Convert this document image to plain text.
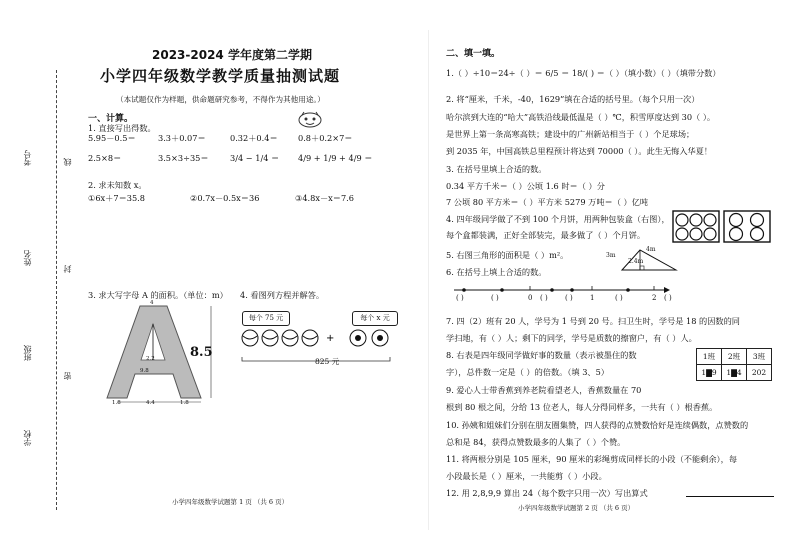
考号
姓名
班级
学校
线
封
密
2023-2024 学年度第二学期
小学四年级数学教学质量抽测试题
（本试题仅作为样题，供命题研究参考，不得作为其他用途。）
一、计算。
1. 直接写出得数。
5.95－0.5＝	3.3＋0.07＝	0.32＋0.4＝ 0.8＋0.2×7＝
2.5×8＝	3.5×3÷35＝	3/4 − 1/4 ＝ 4/9 + 1/9 + 4/9 ＝
2. 求未知数 x。
①6x＋7＝35.8	②0.7x－0.5x＝36	③4.8x－x＝7.6
3. 求大写字母 A 的面积。（单位：m） 4. 看图列方程并解答。
4
2.2
9.8
8.5
1.8	4.4	1.8
每个 75 元	每个 x 元
+
825 元
小学四年级数学试题第 1 页 （共 6 页）
二、填一填。
1.（ ）÷10＝24÷（ ）＝ 6/5 ＝ 18/( ) ＝（ ）（填小数）（ ）（填带分数）
2. 将“厘米，千米，-40，1629”填在合适的括号里。（每个只用一次）
哈尔滨到大连的“哈大”高铁沿线最低温是（ ）℃，积雪厚度达到 30（ ）。
是世界上第一条高寒高铁；建设中的广州新站相当于（ ）个足球场；
到 2035 年，中国高铁总里程预计将达到 70000（ ）。此生无悔入华夏！
3. 在括号里填上合适的数。
0.34 平方千米＝（ ）公顷 1.6 时＝（ ）分
7 公顷 80 平方米＝（ ）平方米 5279 万吨＝（ ）亿吨
4. 四年级同学做了不到 100 个月饼，用两种包装盒（右图），
每个盒都装满，正好全部装完，最多做了（ ）个月饼。
5. 右图三角形的面积是（ ）m²。
6. 在括号上填上合适的数。
4m
2.4m
3m
( )	( )	0 ( ) ( ) 1	( )	2 ( )
7. 四（2）班有 20 人，学号为 1 号到 20 号。扫卫生时，学号是 18 的因数的同
学扫地，有（ ）人；剩下的同学，学号是质数的擦窗户，有（ ）人。
8. 右表是四年级同学做好事的数量（表示被墨住的数
字），总件数一定是（ ）的倍数。（填 3、5）
1班	2班	3班
1▇9	1▇4	202
9. 爱心人士带香蕉到养老院看望老人，香蕉数量在 70
根到 80 根之间，分给 13 位老人，每人分得同样多，一共有（ ）根香蕉。
10. 孙姨和姐妹们分别在朋友圈集赞，四人获得的点赞数恰好是连续偶数，点赞数的
总和是 84，获得点赞数最多的人集了（ ）个赞。
11. 将两根分别是 105 厘米，90 厘米的彩绳剪成同样长的小段（不能剩余），每
小段最长是（ ）厘米，一共能剪（ ）小段。
12. 用 2,8,9,9 算出 24（每个数字只用一次）写出算式
小学四年级数学试题第 2 页 （共 6 页）
